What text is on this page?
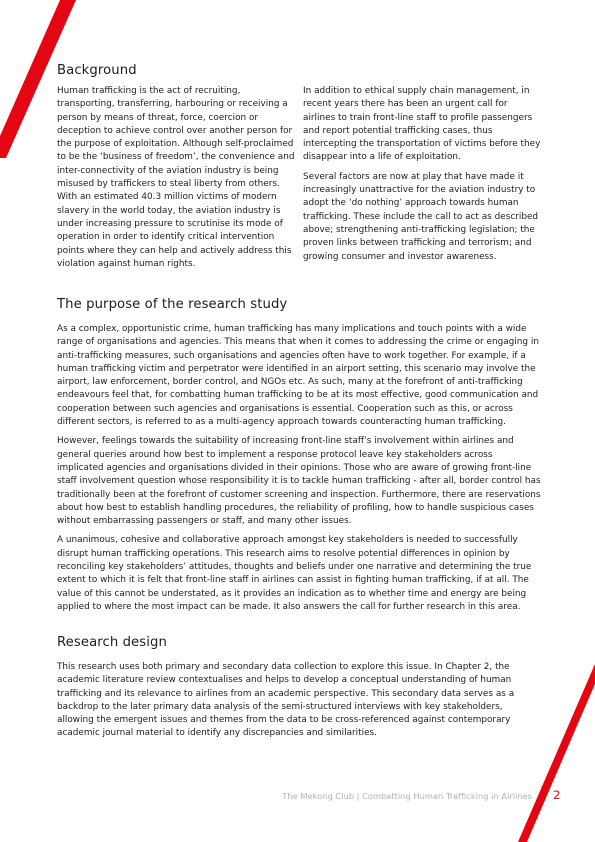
Background

Human trafficking is the act of recruiting, transporting, transferring, harbouring or receiving a person by means of threat, force, coercion or deception to achieve control over another person for the purpose of exploitation. Although self-proclaimed to be the ‘business of freedom’, the convenience and inter-connectivity of the aviation industry is being misused by traffickers to steal liberty from others. With an estimated 40.3 million victims of modern slavery in the world today, the aviation industry is under increasing pressure to scrutinise its mode of operation in order to identify critical intervention points where they can help and actively address this violation against human rights.

In addition to ethical supply chain management, in recent years there has been an urgent call for airlines to train front-line staff to profile passengers and report potential trafficking cases, thus intercepting the transportation of victims before they disappear into a life of exploitation.

Several factors are now at play that have made it increasingly unattractive for the aviation industry to adopt the ‘do nothing’ approach towards human trafficking. These include the call to act as described above; strengthening anti-trafficking legislation; the proven links between trafficking and terrorism; and growing consumer and investor awareness.

The purpose of the research study

As a complex, opportunistic crime, human trafficking has many implications and touch points with a wide range of organisations and agencies. This means that when it comes to addressing the crime or engaging in anti-trafficking measures, such organisations and agencies often have to work together. For example, if a human trafficking victim and perpetrator were identified in an airport setting, this scenario may involve the airport, law enforcement, border control, and NGOs etc. As such, many at the forefront of anti-trafficking endeavours feel that, for combatting human trafficking to be at its most effective, good communication and cooperation between such agencies and organisations is essential. Cooperation such as this, or across different sectors, is referred to as a multi-agency approach towards counteracting human trafficking.

However, feelings towards the suitability of increasing front-line staff’s involvement within airlines and general queries around how best to implement a response protocol leave key stakeholders across implicated agencies and organisations divided in their opinions. Those who are aware of growing front-line staff involvement question whose responsibility it is to tackle human trafficking - after all, border control has traditionally been at the forefront of customer screening and inspection. Furthermore, there are reservations about how best to establish handling procedures, the reliability of profiling, how to handle suspicious cases without embarrassing passengers or staff, and many other issues.

A unanimous, cohesive and collaborative approach amongst key stakeholders is needed to successfully disrupt human trafficking operations. This research aims to resolve potential differences in opinion by reconciling key stakeholders’ attitudes, thoughts and beliefs under one narrative and determining the true extent to which it is felt that front-line staff in airlines can assist in fighting human trafficking, if at all. The value of this cannot be understated, as it provides an indication as to whether time and energy are being applied to where the most impact can be made. It also answers the call for further research in this area.

Research design

This research uses both primary and secondary data collection to explore this issue. In Chapter 2, the academic literature review contextualises and helps to develop a conceptual understanding of human trafficking and its relevance to airlines from an academic perspective. This secondary data serves as a backdrop to the later primary data analysis of the semi-structured interviews with key stakeholders, allowing the emergent issues and themes from the data to be cross-referenced against contemporary academic journal material to identify any discrepancies and similarities.

The Mekong Club | Combatting Human Trafficking in Airlines 2
